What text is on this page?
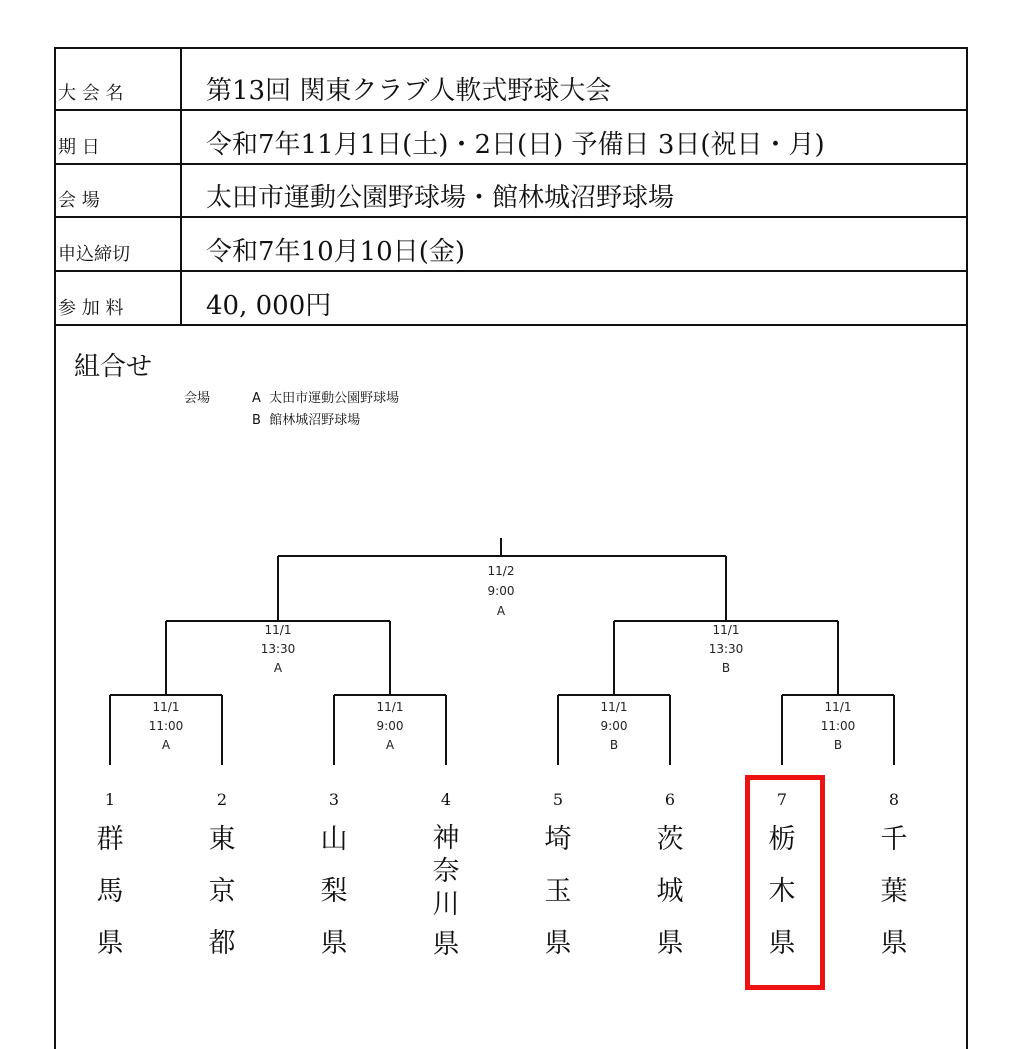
大 会 名	第13回 関東クラブ人軟式野球大会
期 日	令和7年11月1日(土)・2日(日) 予備日 3日(祝日・月)
会 場	太田市運動公園野球場・館林城沼野球場
申込締切	令和7年10月10日(金)
参 加 料	40, 000円
組合せ
会場	A 太田市運動公園野球場
B 館林城沼野球場
11/2
9:00
A
11/1
13:30
A
11/1
13:30
B
11/1
11:00
A
11/1
9:00
A
11/1
9:00
B
11/1
11:00
B
1
群
馬
県
2
東
京
都
3
山
梨
県
4
神
奈
川
県
5
埼
玉
県
6
茨
城
県
7
栃
木
県
8
千
葉
県
